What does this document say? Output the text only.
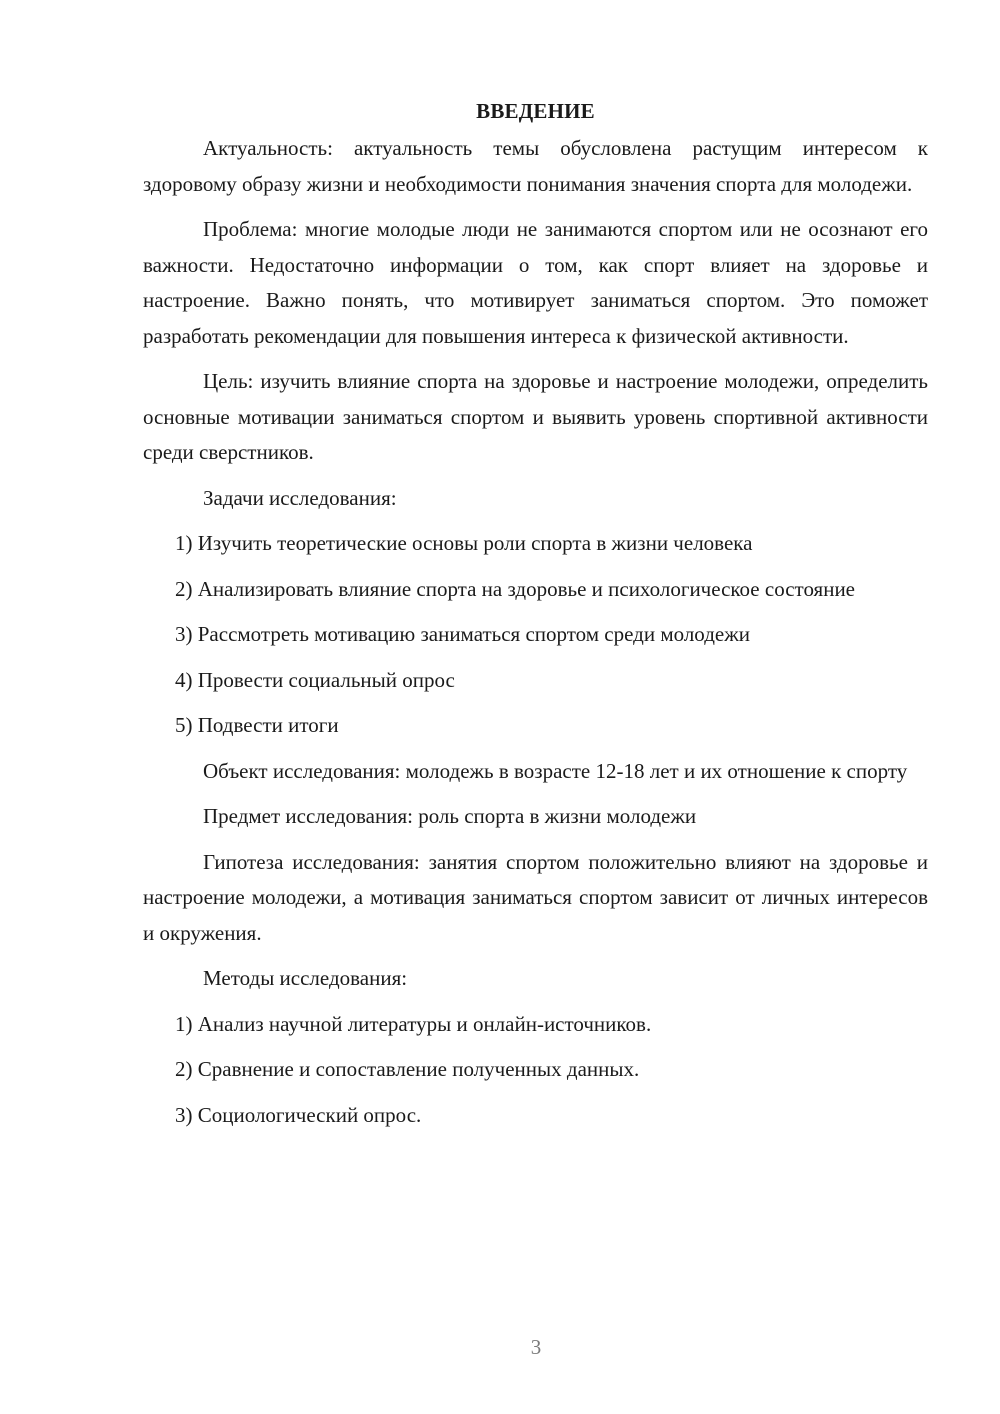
ВВЕДЕНИЕ

Актуальность: актуальность темы обусловлена растущим интересом к здоровому образу жизни и необходимости понимания значения спорта для молодежи.

Проблема: многие молодые люди не занимаются спортом или не осознают его важности. Недостаточно информации о том, как спорт влияет на здоровье и настроение. Важно понять, что мотивирует заниматься спортом. Это поможет разработать рекомендации для повышения интереса к физической активности.

Цель: изучить влияние спорта на здоровье и настроение молодежи, определить основные мотивации заниматься спортом и выявить уровень спортивной активности среди сверстников.

Задачи исследования:

1) Изучить теоретические основы роли спорта в жизни человека

2) Анализировать влияние спорта на здоровье и психологическое состояние

3) Рассмотреть мотивацию заниматься спортом среди молодежи

4) Провести социальный опрос

5) Подвести итоги

Объект исследования: молодежь в возрасте 12-18 лет и их отношение к спорту

Предмет исследования: роль спорта в жизни молодежи

Гипотеза исследования: занятия спортом положительно влияют на здоровье и настроение молодежи, а мотивация заниматься спортом зависит от личных интересов и окружения.

Методы исследования:

1) Анализ научной литературы и онлайн-источников.

2) Сравнение и сопоставление полученных данных.

3) Социологический опрос.

3
